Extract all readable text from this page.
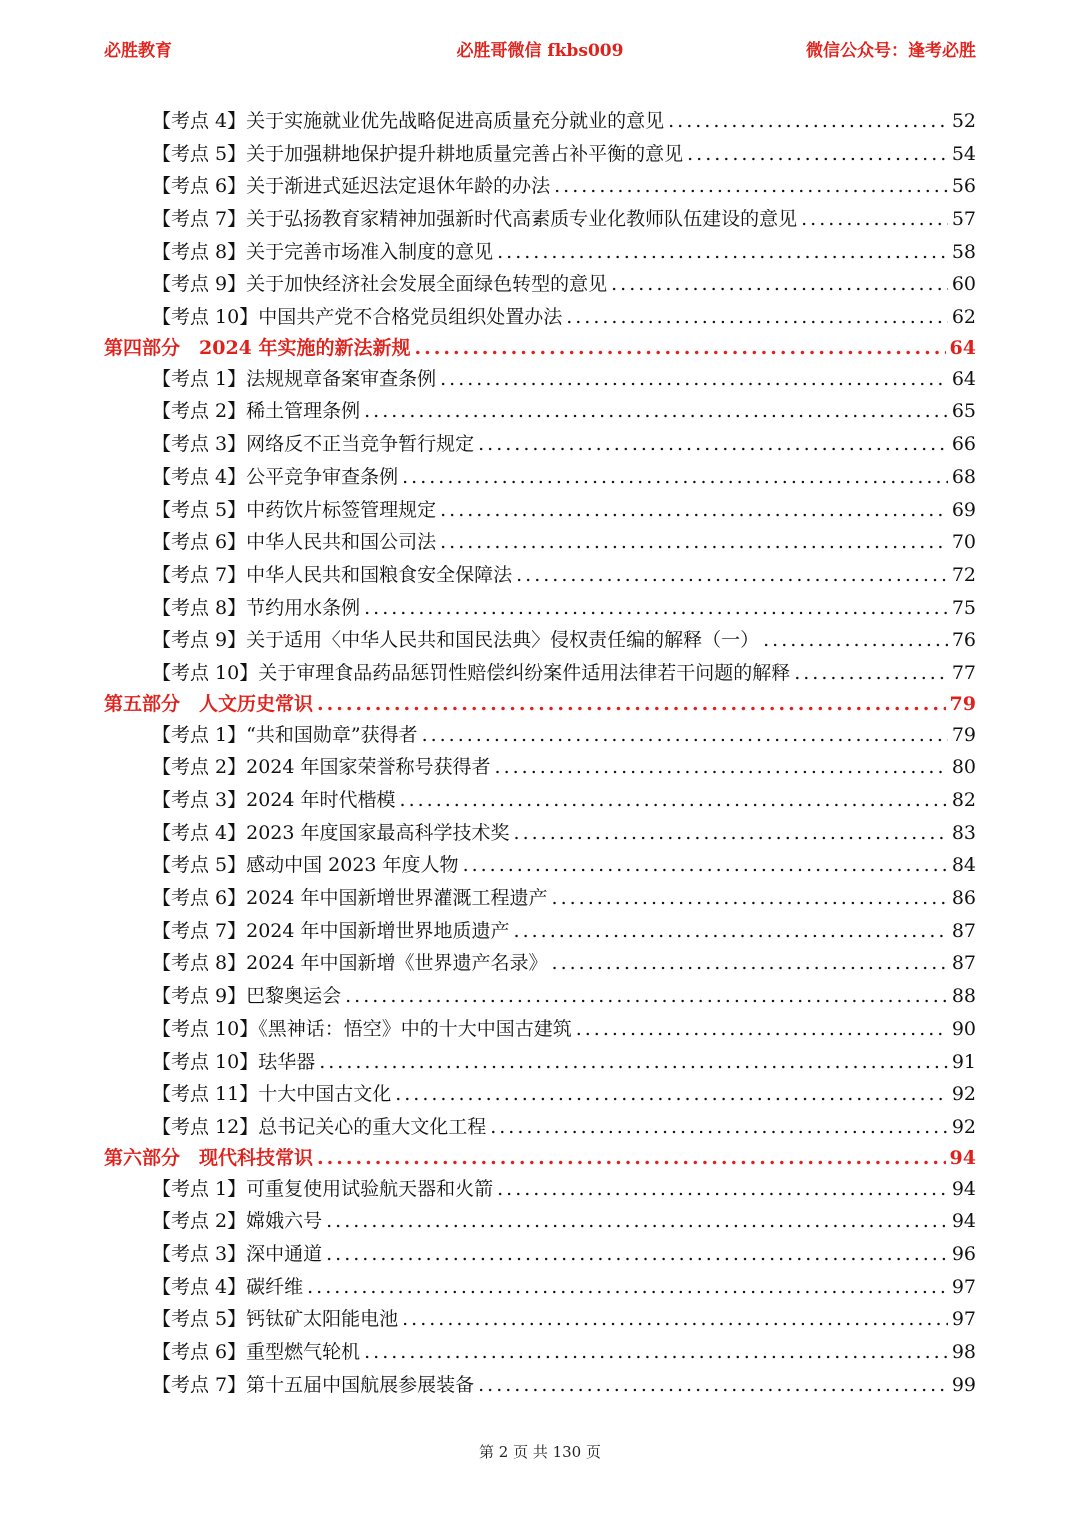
必胜教育	必胜哥微信 fkbs009	微信公众号：逢考必胜
【考点 4】关于实施就业优先战略促进高质量充分就业的意见 .....	52
【考点 5】关于加强耕地保护提升耕地质量完善占补平衡的意见 .....	54
【考点 6】关于渐进式延迟法定退休年龄的办法 .....	56
【考点 7】关于弘扬教育家精神加强新时代高素质专业化教师队伍建设的意见 .....	57
【考点 8】关于完善市场准入制度的意见 .....	58
【考点 9】关于加快经济社会发展全面绿色转型的意见 .....	60
【考点 10】中国共产党不合格党员组织处置办法 .....	62
第四部分　2024 年实施的新法新规 .....	64
【考点 1】法规规章备案审查条例 .....	64
【考点 2】稀土管理条例 .....	65
【考点 3】网络反不正当竞争暂行规定 .....	66
【考点 4】公平竞争审查条例 .....	68
【考点 5】中药饮片标签管理规定 .....	69
【考点 6】中华人民共和国公司法 .....	70
【考点 7】中华人民共和国粮食安全保障法 .....	72
【考点 8】节约用水条例 .....	75
【考点 9】关于适用〈中华人民共和国民法典〉侵权责任编的解释（一） .....	76
【考点 10】关于审理食品药品惩罚性赔偿纠纷案件适用法律若干问题的解释 .....	77
第五部分　人文历史常识 .....	79
【考点 1】“共和国勋章”获得者 .....	79
【考点 2】2024 年国家荣誉称号获得者 .....	80
【考点 3】2024 年时代楷模 .....	82
【考点 4】2023 年度国家最高科学技术奖 .....	83
【考点 5】感动中国 2023 年度人物 .....	84
【考点 6】2024 年中国新增世界灌溉工程遗产 .....	86
【考点 7】2024 年中国新增世界地质遗产 .....	87
【考点 8】2024 年中国新增《世界遗产名录》 .....	87
【考点 9】巴黎奥运会 .....	88
【考点 10】《黑神话：悟空》中的十大中国古建筑 .....	90
【考点 10】珐华器 .....	91
【考点 11】十大中国古文化 .....	92
【考点 12】总书记关心的重大文化工程 .....	92
第六部分　现代科技常识 .....	94
【考点 1】可重复使用试验航天器和火箭 .....	94
【考点 2】嫦娥六号 .....	94
【考点 3】深中通道 .....	96
【考点 4】碳纤维 .....	97
【考点 5】钙钛矿太阳能电池 .....	97
【考点 6】重型燃气轮机 .....	98
【考点 7】第十五届中国航展参展装备 .....	99
第 2 页 共 130 页
